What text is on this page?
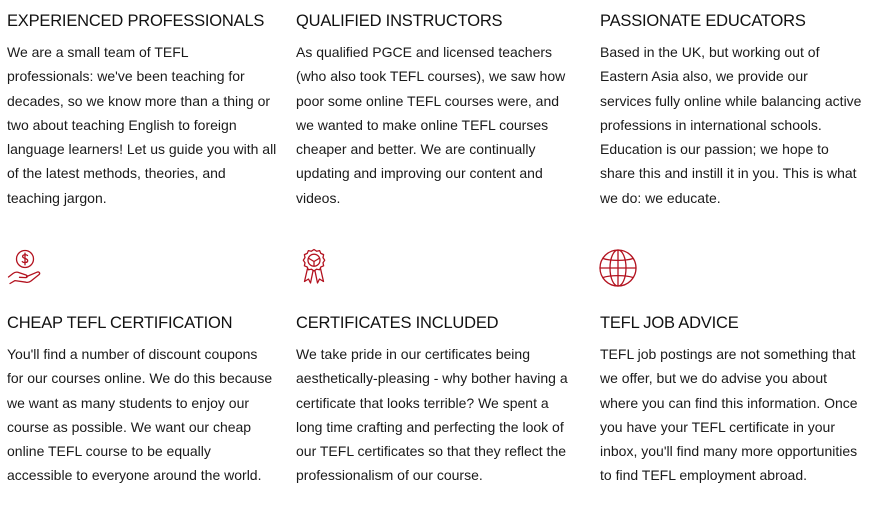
EXPERIENCED PROFESSIONALS

We are a small team of TEFL professionals: we've been teaching for decades, so we know more than a thing or two about teaching English to foreign language learners! Let us guide you with all of the latest methods, theories, and teaching jargon.

QUALIFIED INSTRUCTORS

As qualified PGCE and licensed teachers (who also took TEFL courses), we saw how poor some online TEFL courses were, and we wanted to make online TEFL courses cheaper and better. We are continually updating and improving our content and videos.

PASSIONATE EDUCATORS

Based in the UK, but working out of Eastern Asia also, we provide our services fully online while balancing active professions in international schools. Education is our passion; we hope to share this and instill it in you. This is what we do: we educate.

CHEAP TEFL CERTIFICATION

You'll find a number of discount coupons for our courses online. We do this because we want as many students to enjoy our course as possible. We want our cheap online TEFL course to be equally accessible to everyone around the world.

CERTIFICATES INCLUDED

We take pride in our certificates being aesthetically-pleasing - why bother having a certificate that looks terrible? We spent a long time crafting and perfecting the look of our TEFL certificates so that they reflect the professionalism of our course.

TEFL JOB ADVICE

TEFL job postings are not something that we offer, but we do advise you about where you can find this information. Once you have your TEFL certificate in your inbox, you'll find many more opportunities to find TEFL employment abroad.
